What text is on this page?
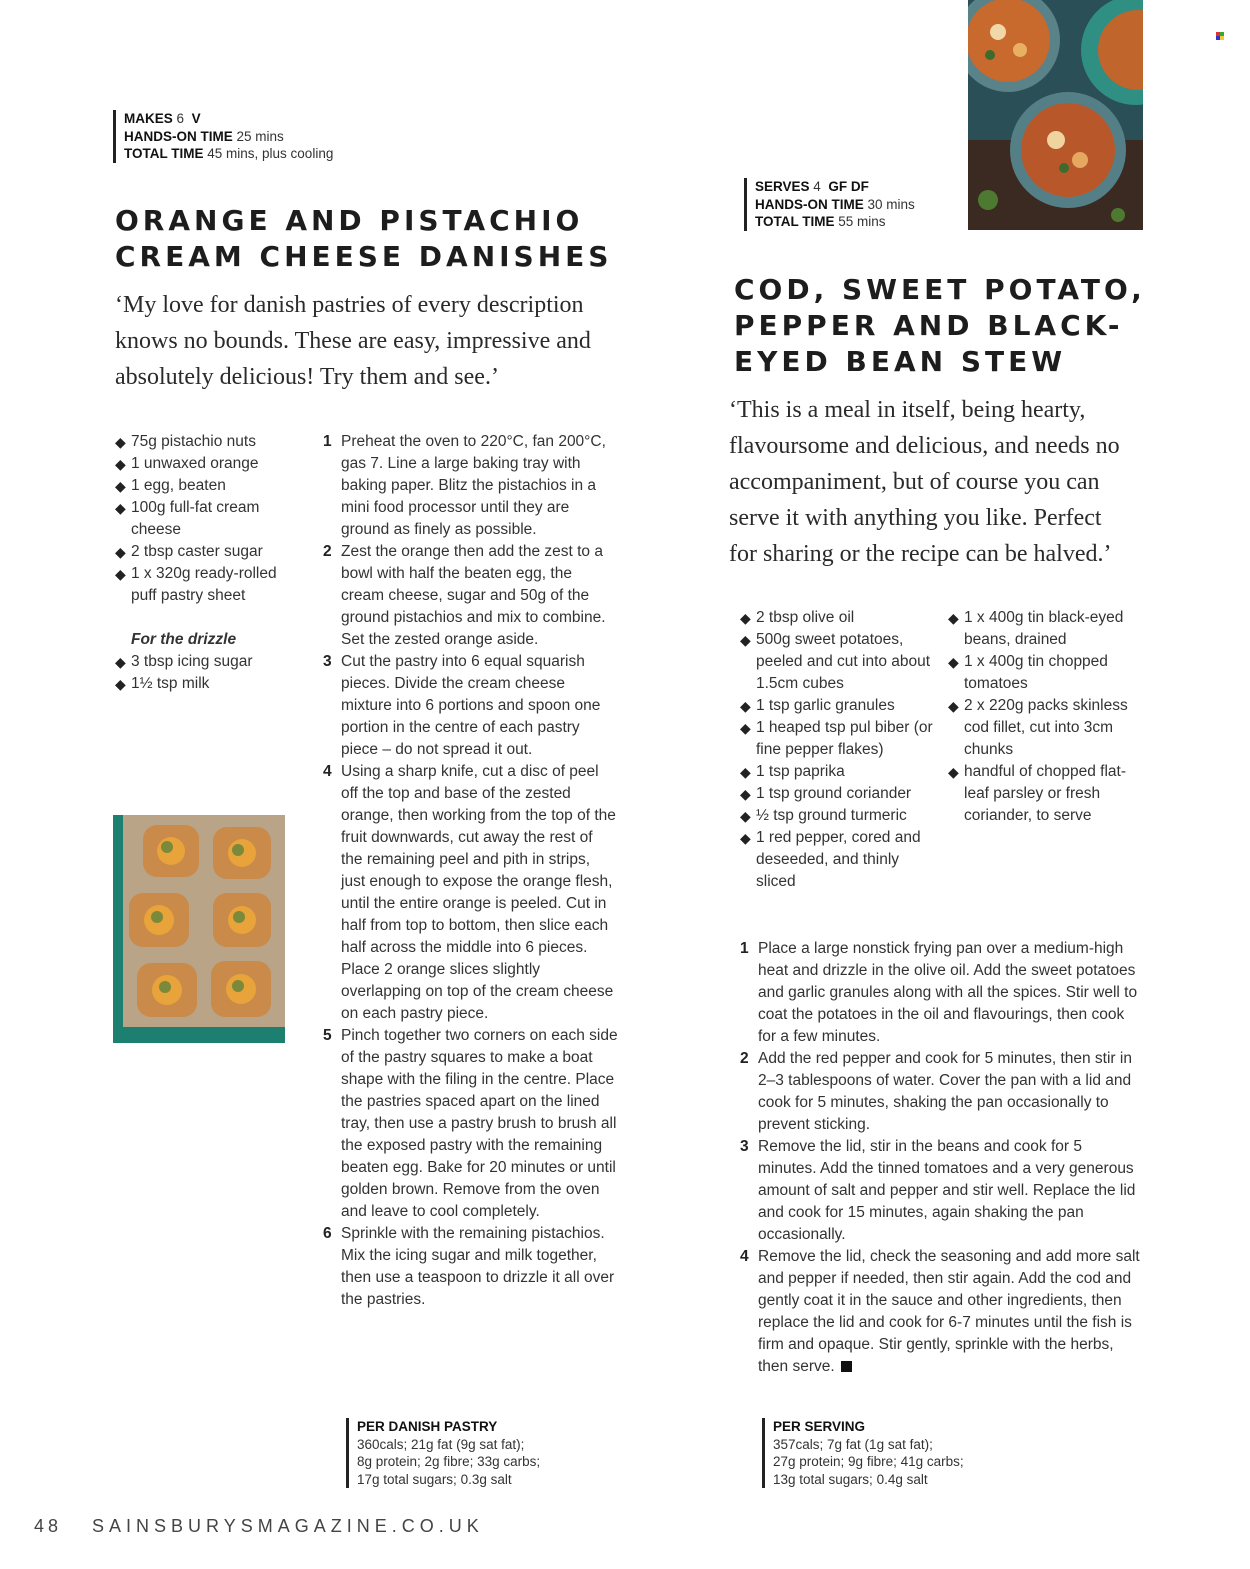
MAKES 6 V
HANDS-ON TIME 25 mins
TOTAL TIME 45 mins, plus cooling
ORANGE AND PISTACHIO
CREAM CHEESE DANISHES
‘My love for danish pastries of every description
knows no bounds. These are easy, impressive and
absolutely delicious! Try them and see.’
◆ 75g pistachio nuts
◆ 1 unwaxed orange
◆ 1 egg, beaten
◆ 100g full-fat cream cheese
◆ 2 tbsp caster sugar
◆ 1 x 320g ready-rolled puff pastry sheet
For the drizzle
◆ 3 tbsp icing sugar
◆ 1½ tsp milk
1 Preheat the oven to 220°C, fan 200°C, gas 7. Line a large baking tray with baking paper. Blitz the pistachios in a mini food processor until they are ground as finely as possible.
2 Zest the orange then add the zest to a bowl with half the beaten egg, the cream cheese, sugar and 50g of the ground pistachios and mix to combine. Set the zested orange aside.
3 Cut the pastry into 6 equal squarish pieces. Divide the cream cheese mixture into 6 portions and spoon one portion in the centre of each pastry piece – do not spread it out.
4 Using a sharp knife, cut a disc of peel off the top and base of the zested orange, then working from the top of the fruit downwards, cut away the rest of the remaining peel and pith in strips, just enough to expose the orange flesh, until the entire orange is peeled. Cut in half from top to bottom, then slice each half across the middle into 6 pieces. Place 2 orange slices slightly overlapping on top of the cream cheese on each pastry piece.
5 Pinch together two corners on each side of the pastry squares to make a boat shape with the filing in the centre. Place the pastries spaced apart on the lined tray, then use a pastry brush to brush all the exposed pastry with the remaining beaten egg. Bake for 20 minutes or until golden brown. Remove from the oven and leave to cool completely.
6 Sprinkle with the remaining pistachios. Mix the icing sugar and milk together, then use a teaspoon to drizzle it all over the pastries.
PER DANISH PASTRY
360cals; 21g fat (9g sat fat);
8g protein; 2g fibre; 33g carbs;
17g total sugars; 0.3g salt
SERVES 4 GF DF
HANDS-ON TIME 30 mins
TOTAL TIME 55 mins
COD, SWEET POTATO,
PEPPER AND BLACK-
EYED BEAN STEW
‘This is a meal in itself, being hearty,
flavoursome and delicious, and needs no
accompaniment, but of course you can
serve it with anything you like. Perfect
for sharing or the recipe can be halved.’
◆ 2 tbsp olive oil
◆ 500g sweet potatoes, peeled and cut into about 1.5cm cubes
◆ 1 tsp garlic granules
◆ 1 heaped tsp pul biber (or fine pepper flakes)
◆ 1 tsp paprika
◆ 1 tsp ground coriander
◆ ½ tsp ground turmeric
◆ 1 red pepper, cored and deseeded, and thinly sliced
◆ 1 x 400g tin black-eyed beans, drained
◆ 1 x 400g tin chopped tomatoes
◆ 2 x 220g packs skinless cod fillet, cut into 3cm chunks
◆ handful of chopped flat-leaf parsley or fresh coriander, to serve
1 Place a large nonstick frying pan over a medium-high heat and drizzle in the olive oil. Add the sweet potatoes and garlic granules along with all the spices. Stir well to coat the potatoes in the oil and flavourings, then cook for a few minutes.
2 Add the red pepper and cook for 5 minutes, then stir in 2–3 tablespoons of water. Cover the pan with a lid and cook for 5 minutes, shaking the pan occasionally to prevent sticking.
3 Remove the lid, stir in the beans and cook for 5 minutes. Add the tinned tomatoes and a very generous amount of salt and pepper and stir well. Replace the lid and cook for 15 minutes, again shaking the pan occasionally.
4 Remove the lid, check the seasoning and add more salt and pepper if needed, then stir again. Add the cod and gently coat it in the sauce and other ingredients, then replace the lid and cook for 6-7 minutes until the fish is firm and opaque. Stir gently, sprinkle with the herbs, then serve.
PER SERVING
357cals; 7g fat (1g sat fat);
27g protein; 9g fibre; 41g carbs;
13g total sugars; 0.4g salt
48 SAINSBURYSMAGAZINE.CO.UK
